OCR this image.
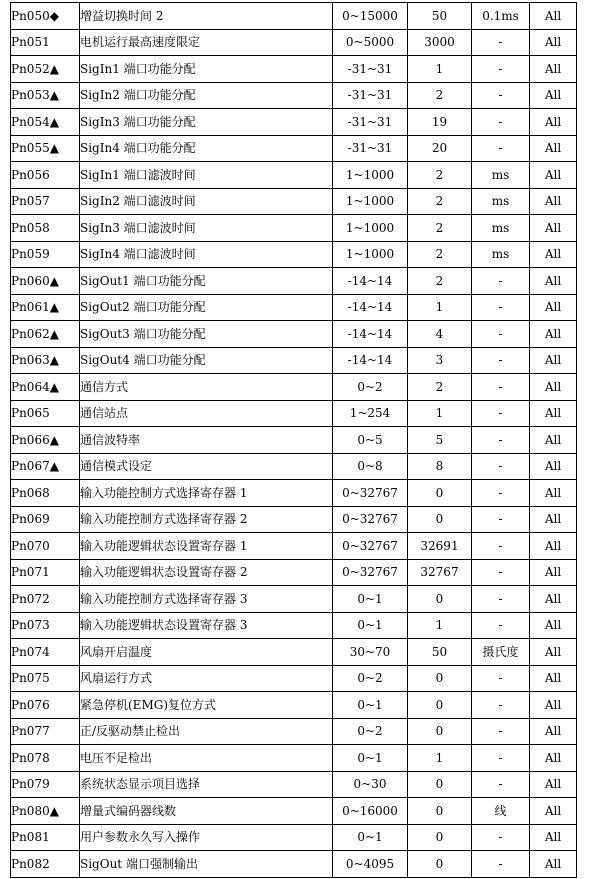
Pn050◆	增益切换时间 2	0~15000	50	0.1ms	All
Pn051	电机运行最高速度限定	0~5000	3000	-	All
Pn052▲	SigIn1 端口功能分配	-31~31	1	-	All
Pn053▲	SigIn2 端口功能分配	-31~31	2	-	All
Pn054▲	SigIn3 端口功能分配	-31~31	19	-	All
Pn055▲	SigIn4 端口功能分配	-31~31	20	-	All
Pn056	SigIn1 端口滤波时间	1~1000	2	ms	All
Pn057	SigIn2 端口滤波时间	1~1000	2	ms	All
Pn058	SigIn3 端口滤波时间	1~1000	2	ms	All
Pn059	SigIn4 端口滤波时间	1~1000	2	ms	All
Pn060▲	SigOut1 端口功能分配	-14~14	2	-	All
Pn061▲	SigOut2 端口功能分配	-14~14	1	-	All
Pn062▲	SigOut3 端口功能分配	-14~14	4	-	All
Pn063▲	SigOut4 端口功能分配	-14~14	3	-	All
Pn064▲	通信方式	0~2	2	-	All
Pn065	通信站点	1~254	1	-	All
Pn066▲	通信波特率	0~5	5	-	All
Pn067▲	通信模式设定	0~8	8	-	All
Pn068	输入功能控制方式选择寄存器 1	0~32767	0	-	All
Pn069	输入功能控制方式选择寄存器 2	0~32767	0	-	All
Pn070	输入功能逻辑状态设置寄存器 1	0~32767	32691	-	All
Pn071	输入功能逻辑状态设置寄存器 2	0~32767	32767	-	All
Pn072	输入功能控制方式选择寄存器 3	0~1	0	-	All
Pn073	输入功能逻辑状态设置寄存器 3	0~1	1	-	All
Pn074	风扇开启温度	30~70	50	摄氏度	All
Pn075	风扇运行方式	0~2	0	-	All
Pn076	紧急停机(EMG)复位方式	0~1	0	-	All
Pn077	正/反驱动禁止检出	0~2	0	-	All
Pn078	电压不足检出	0~1	1	-	All
Pn079	系统状态显示项目选择	0~30	0	-	All
Pn080▲	增量式编码器线数	0~16000	0	线	All
Pn081	用户参数永久写入操作	0~1	0	-	All
Pn082	SigOut 端口强制输出	0~4095	0	-	All
